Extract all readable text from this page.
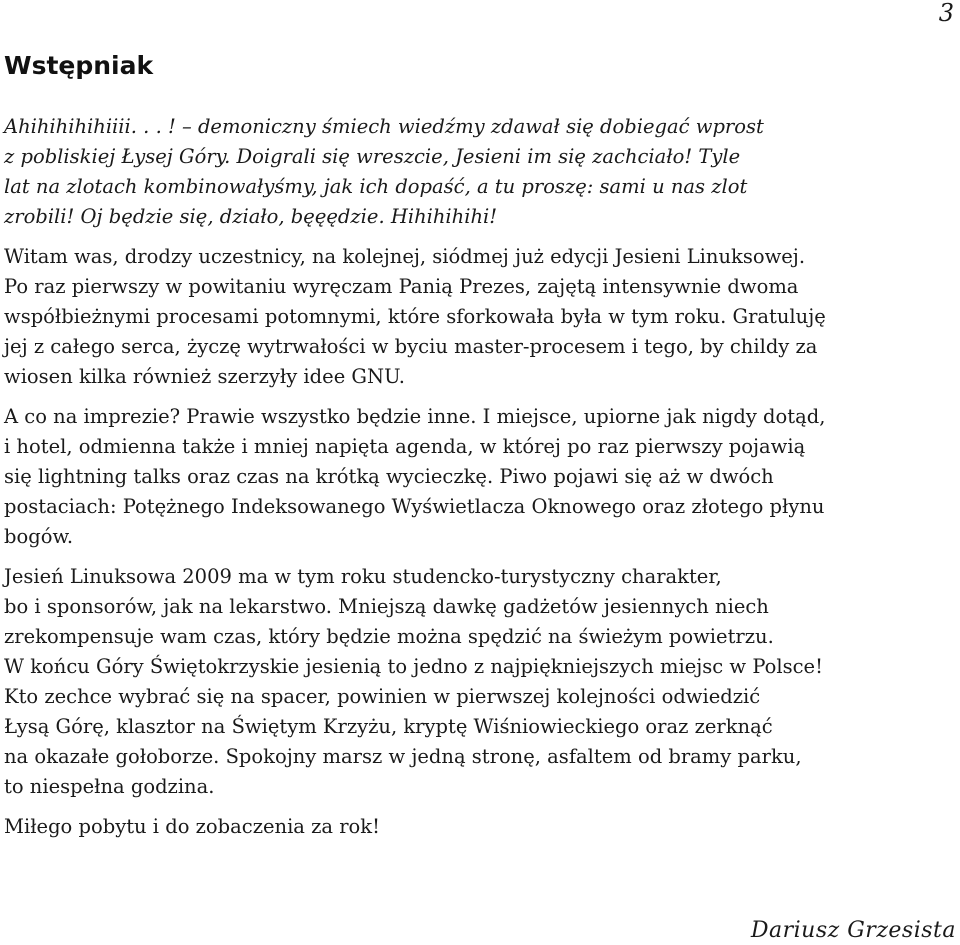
3
Wstępniak

Ahihihihihiiii. . . ! – demoniczny śmiech wiedźmy zdawał się dobiegać wprost
z pobliskiej Łysej Góry. Doigrali się wreszcie, Jesieni im się zachciało! Tyle
lat na zlotach kombinowałyśmy, jak ich dopaść, a tu proszę: sami u nas zlot
zrobili! Oj będzie się, działo, bęęędzie. Hihihihihi!

Witam was, drodzy uczestnicy, na kolejnej, siódmej już edycji Jesieni Linuksowej.
Po raz pierwszy w powitaniu wyręczam Panią Prezes, zajętą intensywnie dwoma
współbieżnymi procesami potomnymi, które sforkowała była w tym roku. Gratuluję
jej z całego serca, życzę wytrwałości w byciu master-procesem i tego, by childy za
wiosen kilka również szerzyły idee GNU.

A co na imprezie? Prawie wszystko będzie inne. I miejsce, upiorne jak nigdy dotąd,
i hotel, odmienna także i mniej napięta agenda, w której po raz pierwszy pojawią
się lightning talks oraz czas na krótką wycieczkę. Piwo pojawi się aż w dwóch
postaciach: Potężnego Indeksowanego Wyświetlacza Oknowego oraz złotego płynu
bogów.

Jesień Linuksowa 2009 ma w tym roku studencko-turystyczny charakter,
bo i sponsorów, jak na lekarstwo. Mniejszą dawkę gadżetów jesiennych niech
zrekompensuje wam czas, który będzie można spędzić na świeżym powietrzu.
W końcu Góry Świętokrzyskie jesienią to jedno z najpiękniejszych miejsc w Polsce!
Kto zechce wybrać się na spacer, powinien w pierwszej kolejności odwiedzić
Łysą Górę, klasztor na Świętym Krzyżu, kryptę Wiśniowieckiego oraz zerknąć
na okazałe gołoborze. Spokojny marsz w jedną stronę, asfaltem od bramy parku,
to niespełna godzina.

Miłego pobytu i do zobaczenia za rok!

Dariusz Grzesista
